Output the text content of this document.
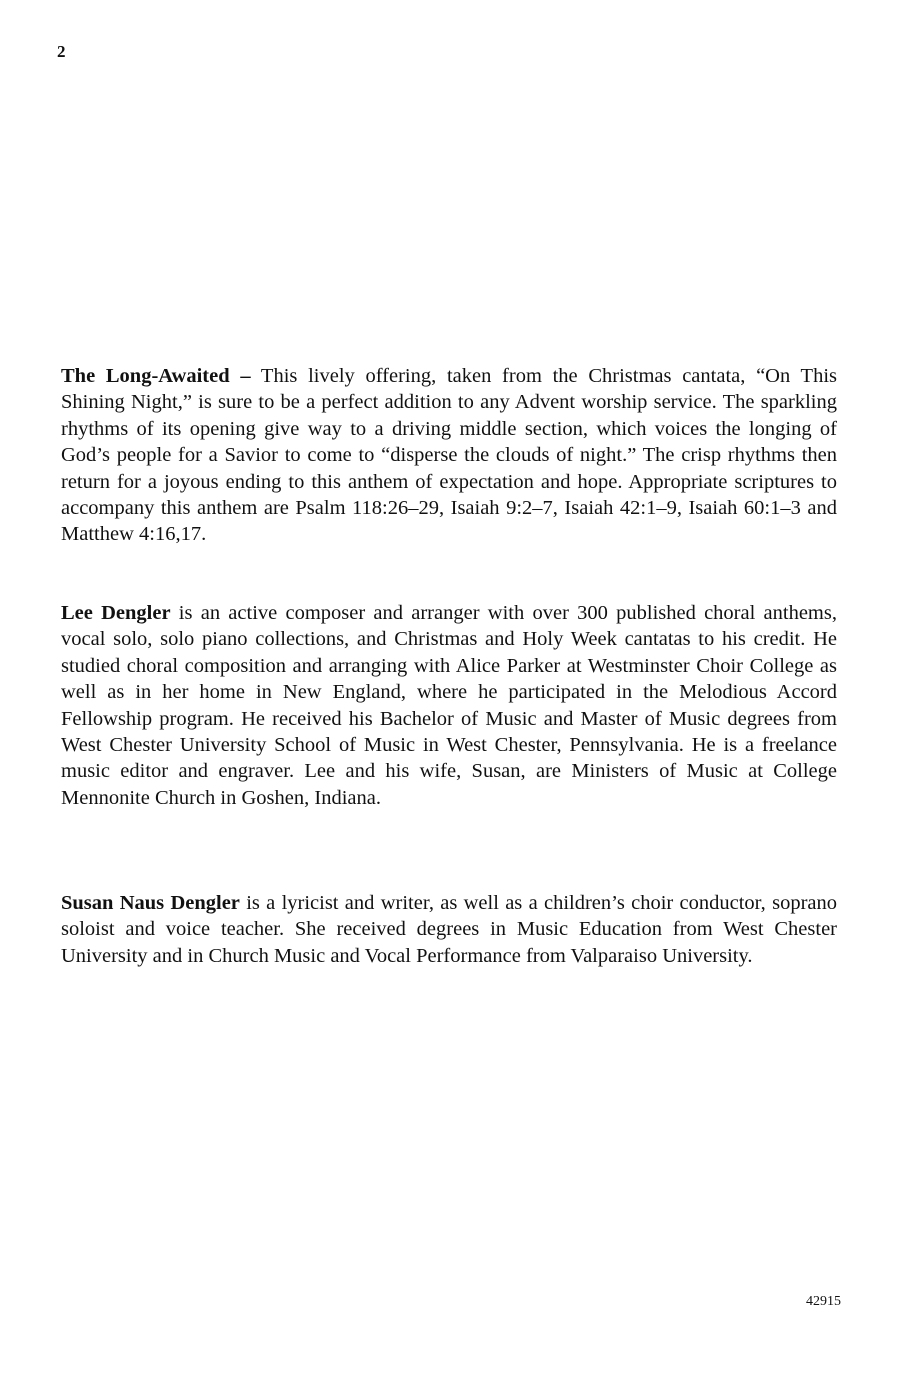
2

The Long-Awaited – This lively offering, taken from the Christmas cantata, “On This Shining Night,” is sure to be a perfect addition to any Advent worship service. The sparkling rhythms of its opening give way to a driving middle section, which voices the longing of God’s people for a Savior to come to “disperse the clouds of night.” The crisp rhythms then return for a joyous ending to this anthem of expectation and hope. Appropriate scriptures to accompany this anthem are Psalm 118:26–29, Isaiah 9:2–7, Isaiah 42:1–9, Isaiah 60:1–3 and Matthew 4:16,17.

Lee Dengler is an active composer and arranger with over 300 published choral anthems, vocal solo, solo piano collections, and Christmas and Holy Week cantatas to his credit. He studied choral composition and arranging with Alice Parker at Westminster Choir College as well as in her home in New England, where he participated in the Melodious Accord Fellowship program. He received his Bachelor of Music and Master of Music degrees from West Chester University School of Music in West Chester, Pennsylvania. He is a freelance music editor and engraver. Lee and his wife, Susan, are Ministers of Music at College Mennonite Church in Goshen, Indiana.

Susan Naus Dengler is a lyricist and writer, as well as a children’s choir conductor, soprano soloist and voice teacher. She received degrees in Music Education from West Chester University and in Church Music and Vocal Performance from Valparaiso University.

42915
